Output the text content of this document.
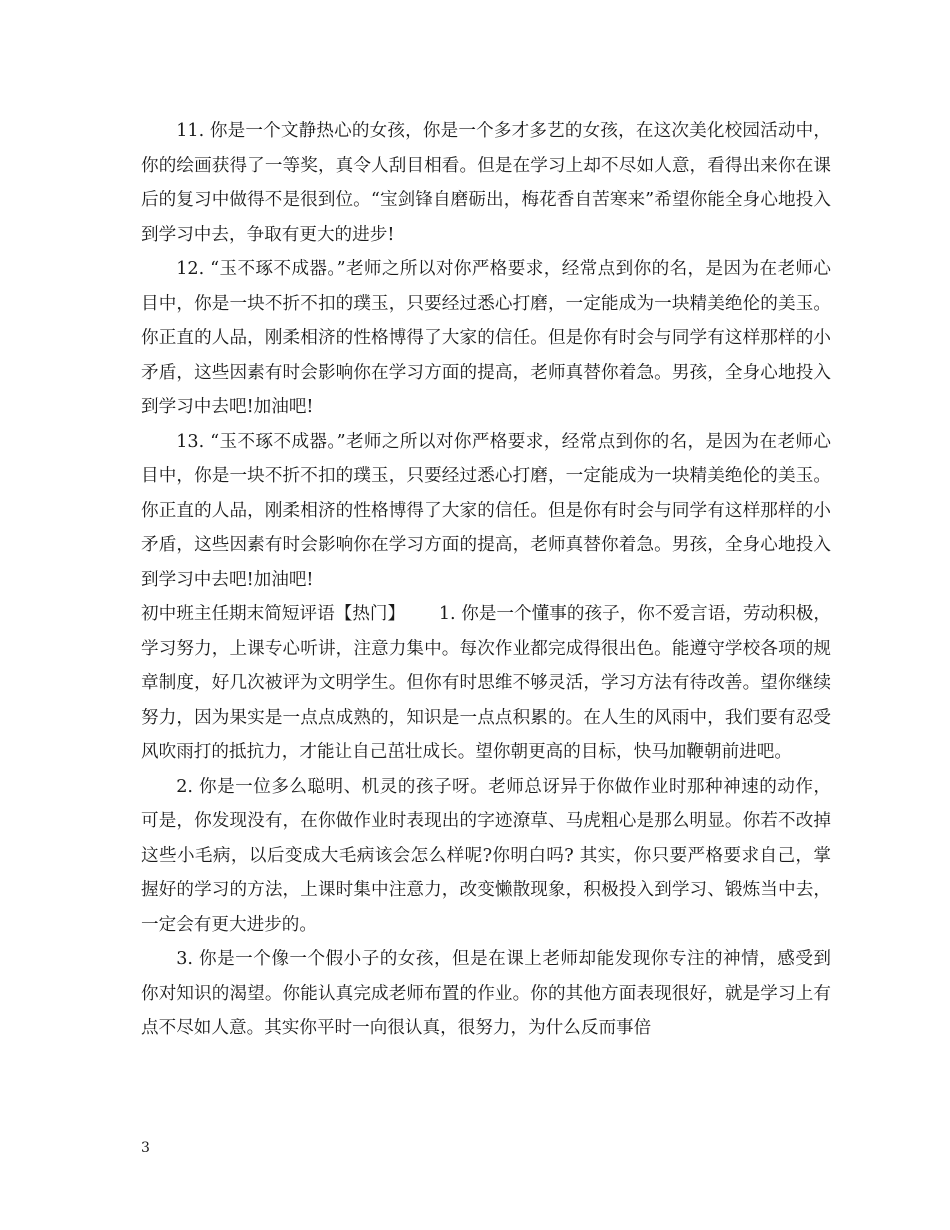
11. 你是一个文静热心的女孩，你是一个多才多艺的女孩，在这次美化校园活动中，你的绘画获得了一等奖，真令人刮目相看。但是在学习上却不尽如人意，看得出来你在课后的复习中做得不是很到位。“宝剑锋自磨砺出，梅花香自苦寒来”希望你能全身心地投入到学习中去，争取有更大的进步!

12. “玉不琢不成器。”老师之所以对你严格要求，经常点到你的名，是因为在老师心目中，你是一块不折不扣的璞玉，只要经过悉心打磨，一定能成为一块精美绝伦的美玉。你正直的人品，刚柔相济的性格博得了大家的信任。但是你有时会与同学有这样那样的小矛盾，这些因素有时会影响你在学习方面的提高，老师真替你着急。男孩，全身心地投入到学习中去吧!加油吧!

13. “玉不琢不成器。”老师之所以对你严格要求，经常点到你的名，是因为在老师心目中，你是一块不折不扣的璞玉，只要经过悉心打磨，一定能成为一块精美绝伦的美玉。你正直的人品，刚柔相济的性格博得了大家的信任。但是你有时会与同学有这样那样的小矛盾，这些因素有时会影响你在学习方面的提高，老师真替你着急。男孩，全身心地投入到学习中去吧!加油吧!

初中班主任期末简短评语【热门】 1. 你是一个懂事的孩子，你不爱言语，劳动积极，学习努力，上课专心听讲，注意力集中。每次作业都完成得很出色。能遵守学校各项的规章制度，好几次被评为文明学生。但你有时思维不够灵活，学习方法有待改善。望你继续努力，因为果实是一点点成熟的，知识是一点点积累的。在人生的风雨中，我们要有忍受风吹雨打的抵抗力，才能让自己茁壮成长。望你朝更高的目标，快马加鞭朝前进吧。

2. 你是一位多么聪明、机灵的孩子呀。老师总讶异于你做作业时那种神速的动作，可是，你发现没有，在你做作业时表现出的字迹潦草、马虎粗心是那么明显。你若不改掉这些小毛病，以后变成大毛病该会怎么样呢?你明白吗? 其实，你只要严格要求自己，掌握好的学习的方法，上课时集中注意力，改变懒散现象，积极投入到学习、锻炼当中去，一定会有更大进步的。

3. 你是一个像一个假小子的女孩，但是在课上老师却能发现你专注的神情，感受到你对知识的渴望。你能认真完成老师布置的作业。你的其他方面表现很好，就是学习上有点不尽如人意。其实你平时一向很认真，很努力，为什么反而事倍

3
